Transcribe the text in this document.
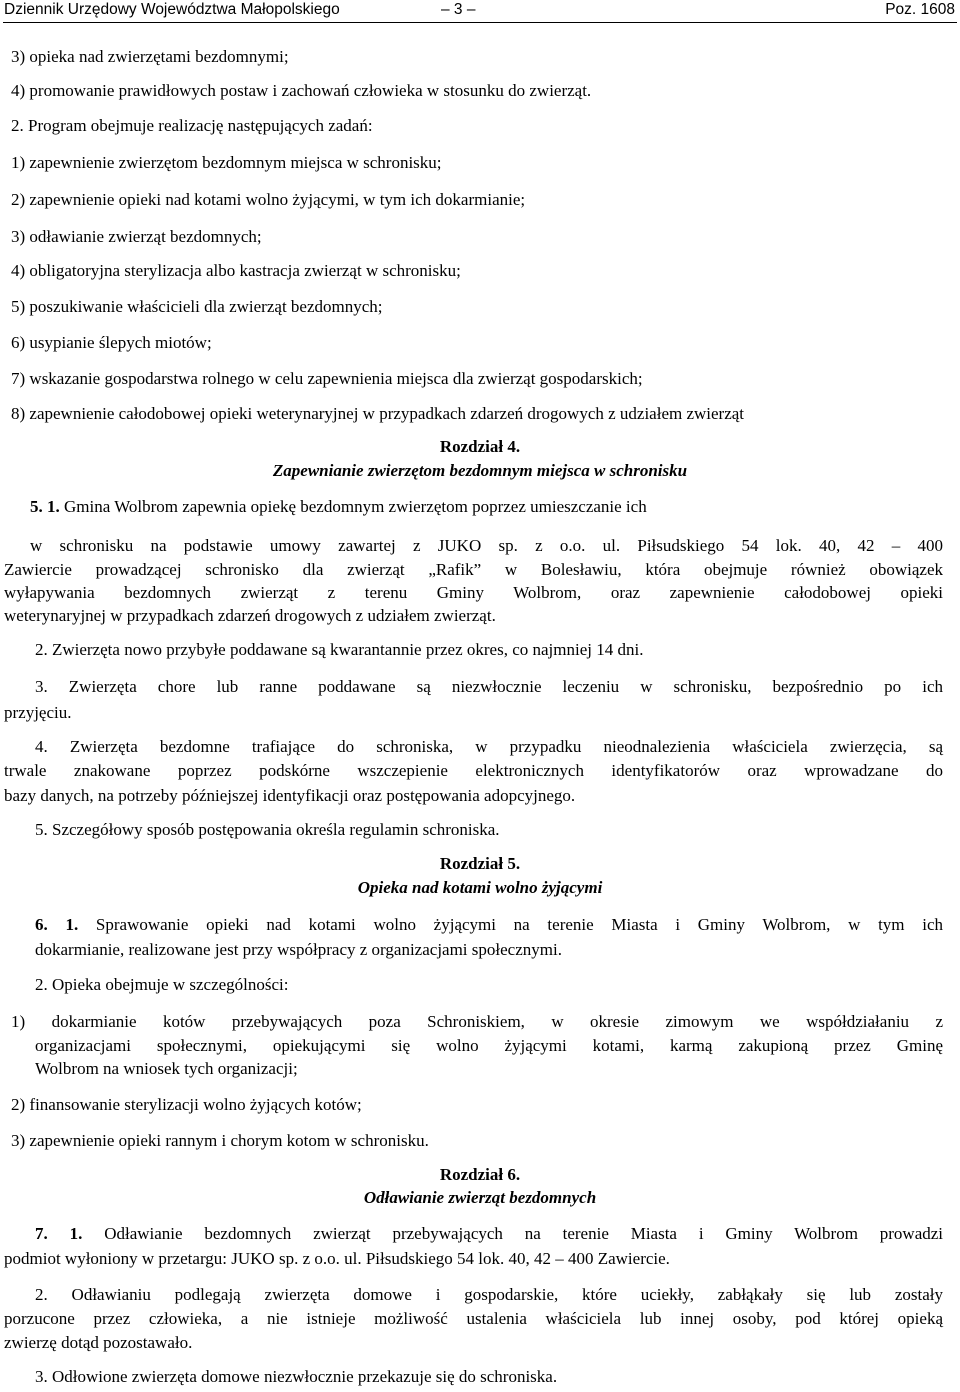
Dziennik Urzędowy Województwa Małopolskiego	– 3 –	Poz. 1608
3) opieka nad zwierzętami bezdomnymi;
4) promowanie prawidłowych postaw i zachowań człowieka w stosunku do zwierząt.
2. Program obejmuje realizację następujących zadań:
1) zapewnienie zwierzętom bezdomnym miejsca w schronisku;
2) zapewnienie opieki nad kotami wolno żyjącymi, w tym ich dokarmianie;
3) odławianie zwierząt bezdomnych;
4) obligatoryjna sterylizacja albo kastracja zwierząt w schronisku;
5) poszukiwanie właścicieli dla zwierząt bezdomnych;
6) usypianie ślepych miotów;
7) wskazanie gospodarstwa rolnego w celu zapewnienia miejsca dla zwierząt gospodarskich;
8) zapewnienie całodobowej opieki weterynaryjnej w przypadkach zdarzeń drogowych z udziałem zwierząt
Rozdział 4.
Zapewnianie zwierzętom bezdomnym miejsca w schronisku
5. 1. Gmina Wolbrom zapewnia opiekę bezdomnym zwierzętom poprzez umieszczanie ich
w schronisku na podstawie umowy zawartej z JUKO sp. z o.o. ul. Piłsudskiego 54 lok. 40, 42 – 400
Zawiercie prowadzącej schronisko dla zwierząt „Rafik” w Bolesławiu, która obejmuje również obowiązek
wyłapywania bezdomnych zwierząt z terenu Gminy Wolbrom, oraz zapewnienie całodobowej opieki
weterynaryjnej w przypadkach zdarzeń drogowych z udziałem zwierząt.
2. Zwierzęta nowo przybyłe poddawane są kwarantannie przez okres, co najmniej 14 dni.
3. Zwierzęta chore lub ranne poddawane są niezwłocznie leczeniu w schronisku, bezpośrednio po ich
przyjęciu.
4. Zwierzęta bezdomne trafiające do schroniska, w przypadku nieodnalezienia właściciela zwierzęcia, są
trwale znakowane poprzez podskórne wszczepienie elektronicznych identyfikatorów oraz wprowadzane do
bazy danych, na potrzeby późniejszej identyfikacji oraz postępowania adopcyjnego.
5. Szczegółowy sposób postępowania określa regulamin schroniska.
Rozdział 5.
Opieka nad kotami wolno żyjącymi
6. 1. Sprawowanie opieki nad kotami wolno żyjącymi na terenie Miasta i Gminy Wolbrom, w tym ich
dokarmianie, realizowane jest przy współpracy z organizacjami społecznymi.
2. Opieka obejmuje w szczególności:
1) dokarmianie kotów przebywających poza Schroniskiem, w okresie zimowym we współdziałaniu z
organizacjami społecznymi, opiekującymi się wolno żyjącymi kotami, karmą zakupioną przez Gminę
Wolbrom na wniosek tych organizacji;
2) finansowanie sterylizacji wolno żyjących kotów;
3) zapewnienie opieki rannym i chorym kotom w schronisku.
Rozdział 6.
Odławianie zwierząt bezdomnych
7. 1. Odławianie bezdomnych zwierząt przebywających na terenie Miasta i Gminy Wolbrom prowadzi
podmiot wyłoniony w przetargu: JUKO sp. z o.o. ul. Piłsudskiego 54 lok. 40, 42 – 400 Zawiercie.
2. Odławianiu podlegają zwierzęta domowe i gospodarskie, które uciekły, zabłąkały się lub zostały
porzucone przez człowieka, a nie istnieje możliwość ustalenia właściciela lub innej osoby, pod której opieką
zwierzę dotąd pozostawało.
3. Odłowione zwierzęta domowe niezwłocznie przekazuje się do schroniska.
